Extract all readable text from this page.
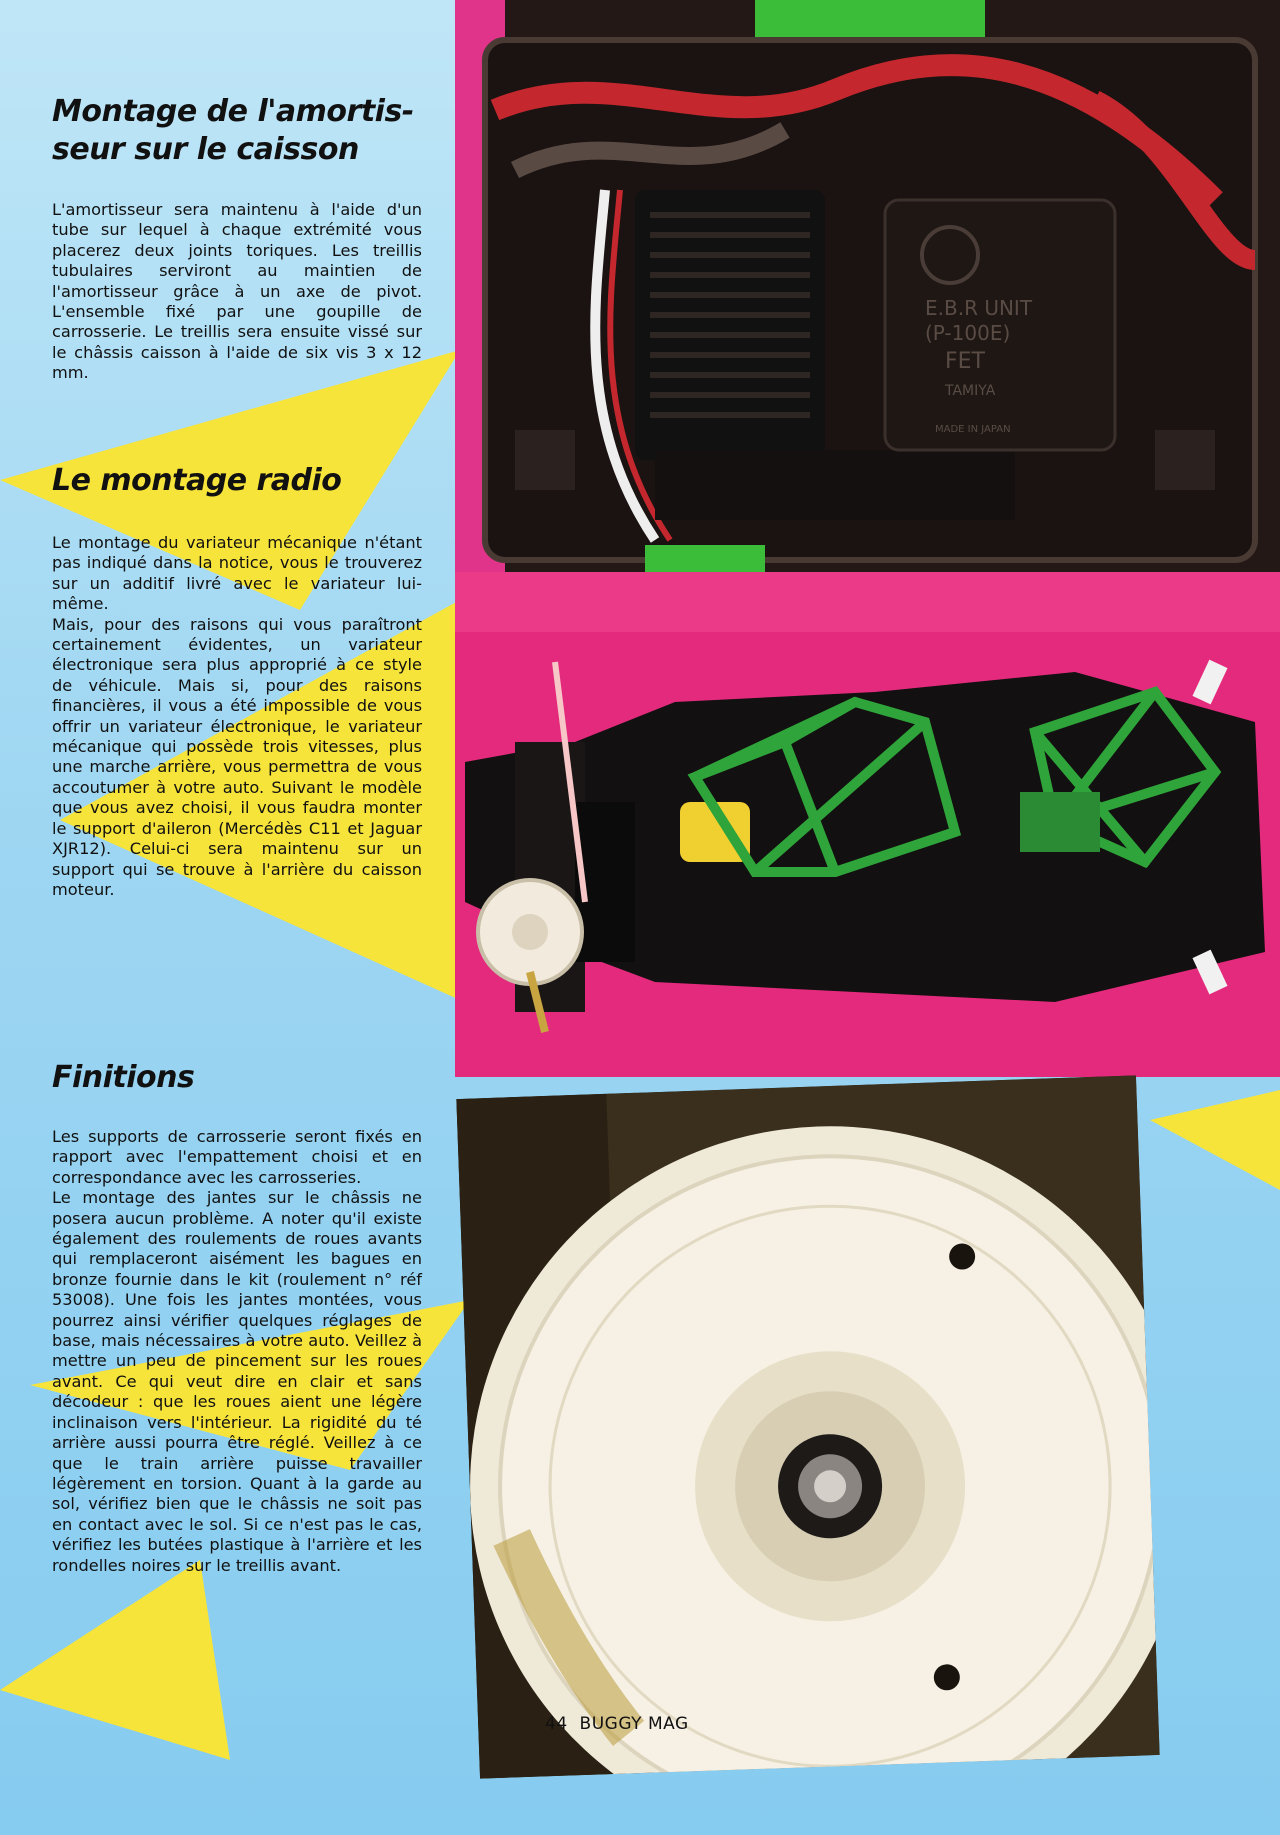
E.B.R UNIT
(P-100E)
FET
TAMIYA
MADE IN JAPAN
Montage de l'amortis-
seur sur le caisson

L'amortisseur sera maintenu à l'aide d'un tube sur lequel à chaque extrémité vous placerez deux joints toriques. Les treillis tubulaires serviront au maintien de l'amortisseur grâce à un axe de pivot. L'ensemble fixé par une goupille de carrosserie. Le treillis sera ensuite vissé sur le châssis caisson à l'aide de six vis 3 x 12 mm.

Le montage radio

Le montage du variateur mécanique n'étant pas indiqué dans la notice, vous le trouverez sur un additif livré avec le variateur lui-même.

Mais, pour des raisons qui vous paraîtront certainement évidentes, un variateur électronique sera plus approprié à ce style de véhicule. Mais si, pour des raisons financières, il vous a été impossible de vous offrir un variateur électronique, le variateur mécanique qui possède trois vitesses, plus une marche arrière, vous permettra de vous accoutumer à votre auto. Suivant le modèle que vous avez choisi, il vous faudra monter le support d'aileron (Mercédès C11 et Jaguar XJR12). Celui-ci sera maintenu sur un support qui se trouve à l'arrière du caisson moteur.

Finitions

Les supports de carrosserie seront fixés en rapport avec l'empattement choisi et en correspondance avec les carrosseries.

Le montage des jantes sur le châssis ne posera aucun problème. A noter qu'il existe également des roulements de roues avants qui remplaceront aisément les bagues en bronze fournie dans le kit (roulement n° réf 53008). Une fois les jantes montées, vous pourrez ainsi vérifier quelques réglages de base, mais nécessaires à votre auto. Veillez à mettre un peu de pincement sur les roues avant. Ce qui veut dire en clair et sans décodeur : que les roues aient une légère inclinaison vers l'intérieur. La rigidité du té arrière aussi pourra être réglé. Veillez à ce que le train arrière puisse travailler légèrement en torsion. Quant à la garde au sol, vérifiez bien que le châssis ne soit pas en contact avec le sol. Si ce n'est pas le cas, vérifiez les butées plastique à l'arrière et les rondelles noires sur le treillis avant.

44 BUGGY MAG
